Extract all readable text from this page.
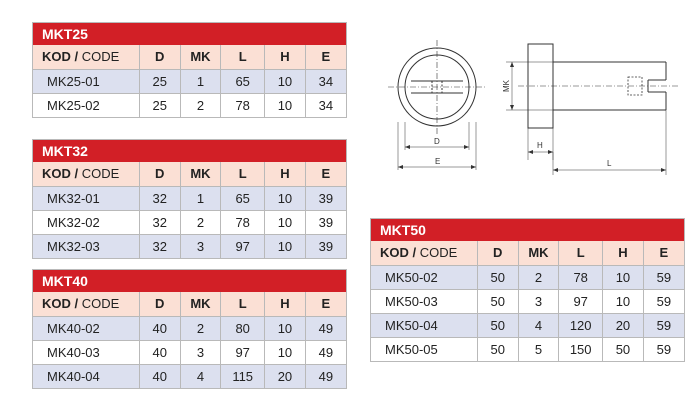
D
E
MK
H
L
MKT25
KOD / CODE	D	MK	L	H	E
MK25-01	25	1	65	10	34
MK25-02	25	2	78	10	34
MKT32
KOD / CODE	D	MK	L	H	E
MK32-01	32	1	65	10	39
MK32-02	32	2	78	10	39
MK32-03	32	3	97	10	39
MKT40
KOD / CODE	D	MK	L	H	E
MK40-02	40	2	80	10	49
MK40-03	40	3	97	10	49
MK40-04	40	4	115	20	49
MKT50
KOD / CODE	D	MK	L	H	E
MK50-02	50	2	78	10	59
MK50-03	50	3	97	10	59
MK50-04	50	4	120	20	59
MK50-05	50	5	150	50	59
